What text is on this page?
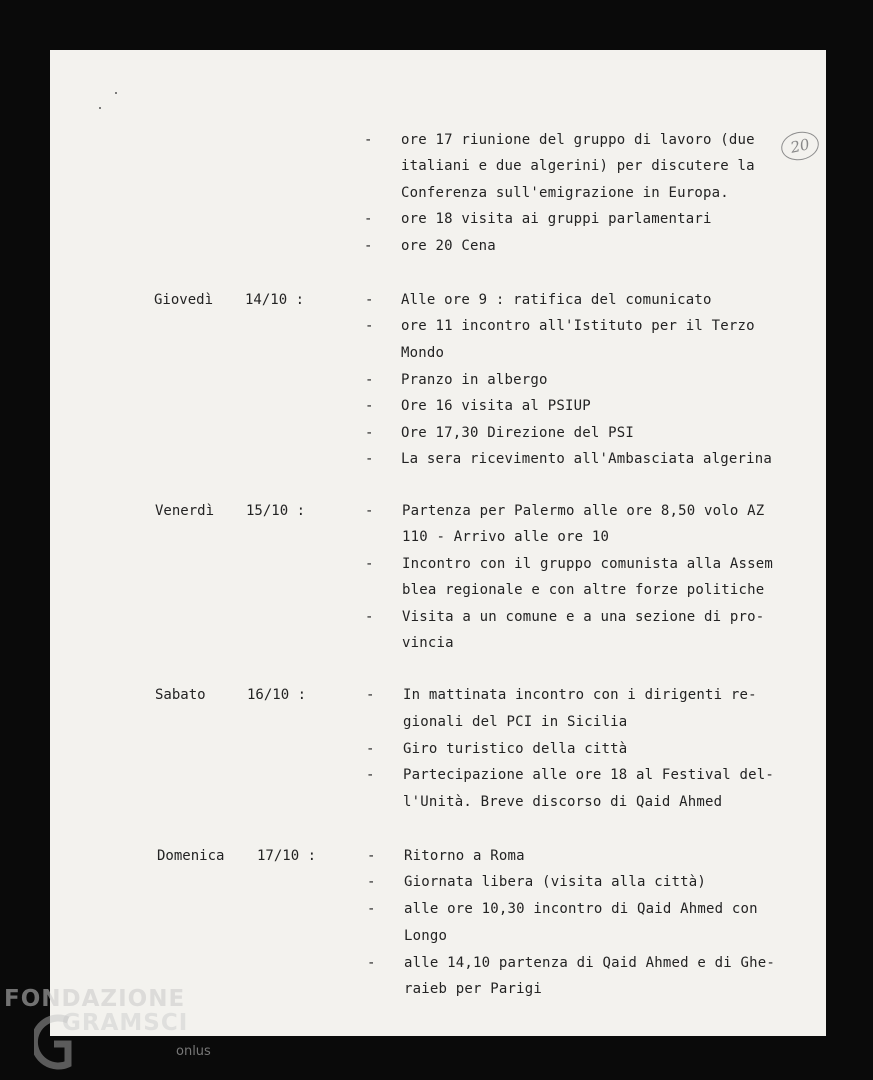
20
Giovedì 14/10 :
Venerdì 15/10 :
Sabato	16/10 :
Domenica 17/10 :
- ore 17 riunione del gruppo di lavoro (due
italiani e due algerini) per discutere la
Conferenza sull'emigrazione in Europa.
- ore 18 visita ai gruppi parlamentari
- ore 20 Cena
- Alle ore 9 : ratifica del comunicato
- ore 11 incontro all'Istituto per il Terzo
Mondo
- Pranzo in albergo
- Ore 16 visita al PSIUP
- Ore 17,30 Direzione del PSI
- La sera ricevimento all'Ambasciata algerina
- Partenza per Palermo alle ore 8,50 volo AZ
110 - Arrivo alle ore 10
- Incontro con il gruppo comunista alla Assem
blea regionale e con altre forze politiche
- Visita a un comune e a una sezione di pro-
vincia
- In mattinata incontro con i dirigenti re-
gionali del PCI in Sicilia
- Giro turistico della città
- Partecipazione alle ore 18 al Festival del-
l'Unità. Breve discorso di Qaid Ahmed
- Ritorno a Roma
- Giornata libera (visita alla città)
- alle ore 10,30 incontro di Qaid Ahmed con
Longo
- alle 14,10 partenza di Qaid Ahmed e di Ghe-
raieb per Parigi
FONDAZIONE
GRAMSCI
onlus
